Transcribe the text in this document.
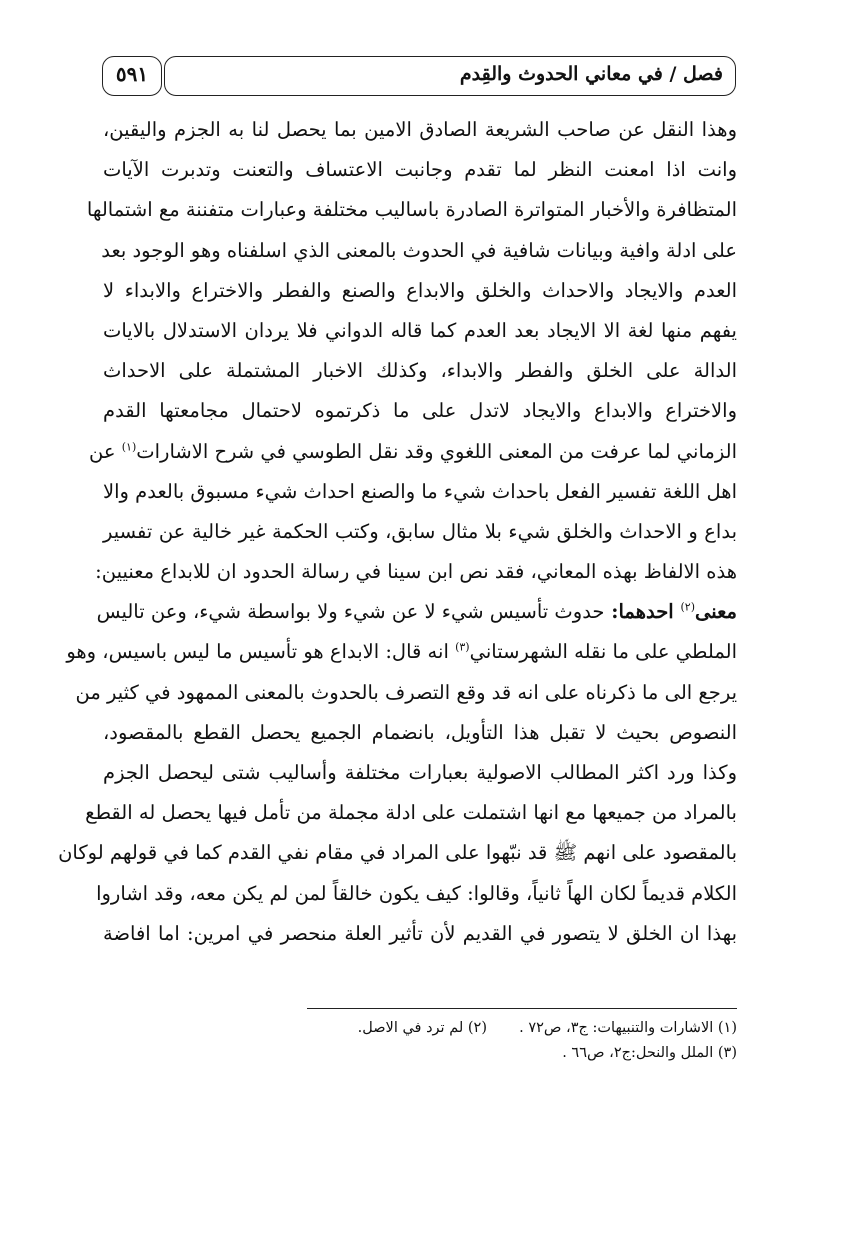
٥٩١	فصل / في معاني الحدوث والقِدم
وهذا النقل عن صاحب الشريعة الصادق الامين بما يحصل لنا به الجزم واليقين،
وانت اذا امعنت النظر لما تقدم وجانبت الاعتساف والتعنت وتدبرت الآيات
المتظافرة والأخبار المتواترة الصادرة باساليب مختلفة وعبارات متفننة مع اشتمالها
على ادلة وافية وبيانات شافية في الحدوث بالمعنى الذي اسلفناه وهو الوجود بعد
العدم والايجاد والاحداث والخلق والابداع والصنع والفطر والاختراع والابداء لا
يفهم منها لغة الا الايجاد بعد العدم كما قاله الدواني فلا يردان الاستدلال بالايات
الدالة على الخلق والفطر والابداء، وكذلك الاخبار المشتملة على الاحداث
والاختراع والابداع والايجاد لاتدل على ما ذكرتموه لاحتمال مجامعتها القدم
الزماني لما عرفت من المعنى اللغوي وقد نقل الطوسي في شرح الاشارات$^{(١)}$ عن
اهل اللغة تفسير الفعل باحداث شيء ما والصنع احداث شيء مسبوق بالعدم والا
بداع و الاحداث والخلق شيء بلا مثال سابق، وكتب الحكمة غير خالية عن تفسير
هذه الالفاظ بهذه المعاني، فقد نص ابن سينا في رسالة الحدود ان للابداع معنيين:
معنى$^{(٢)}$ احدهما: حدوث تأسيس شيء لا عن شيء ولا بواسطة شيء، وعن تاليس
الملطي على ما نقله الشهرستاني$^{(٣)}$ انه قال: الابداع هو تأسيس ما ليس باسيس، وهو
يرجع الى ما ذكرناه على انه قد وقع التصرف بالحدوث بالمعنى الممهود في كثير من
النصوص بحيث لا تقبل هذا التأويل، بانضمام الجميع يحصل القطع بالمقصود،
وكذا ورد اكثر المطالب الاصولية بعبارات مختلفة وأساليب شتى ليحصل الجزم
بالمراد من جميعها مع انها اشتملت على ادلة مجملة من تأمل فيها يحصل له القطع
بالمقصود على انهم ﷺ قد نبّهوا على المراد في مقام نفي القدم كما في قولهم لوكان
الكلام قديماً لكان الهاً ثانياً، وقالوا: كيف يكون خالقاً لمن لم يكن معه، وقد اشاروا
بهذا ان الخلق لا يتصور في القديم لأن تأثير العلة منحصر في امرين: اما افاضة
(١) الاشارات والتنبيهات: ج٣، ص٧٢ .
(٢) لم ترد في الاصل.
(٣) الملل والنحل:ج٢، ص٦٦ .
